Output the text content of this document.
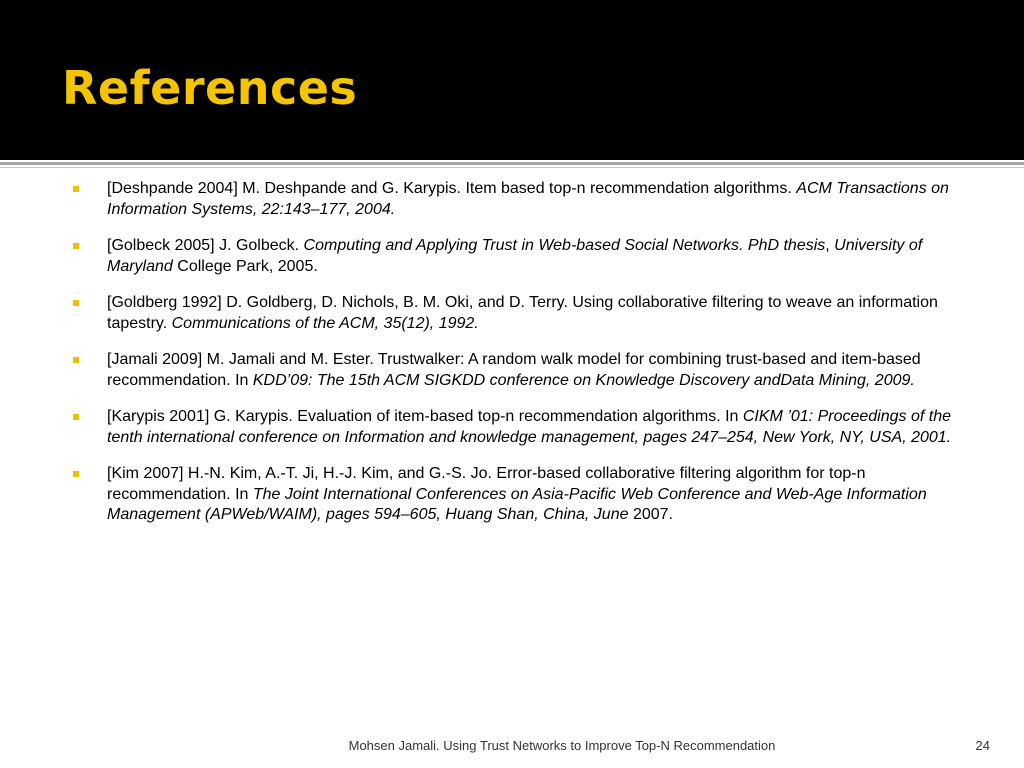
References
[Deshpande 2004] M. Deshpande and G. Karypis. Item based top-n recommendation algorithms. ACM Transactions on Information Systems, 22:143–177, 2004.
[Golbeck 2005] J. Golbeck. Computing and Applying Trust in Web-based Social Networks. PhD thesis, University of Maryland College Park, 2005.
[Goldberg 1992] D. Goldberg, D. Nichols, B. M. Oki, and D. Terry. Using collaborative filtering to weave an information tapestry. Communications of the ACM, 35(12), 1992.
[Jamali 2009] M. Jamali and M. Ester. Trustwalker: A random walk model for combining trust-based and item-based recommendation. In KDD’09: The 15th ACM SIGKDD conference on Knowledge Discovery andData Mining, 2009.
[Karypis 2001] G. Karypis. Evaluation of item-based top-n recommendation algorithms. In CIKM ’01: Proceedings of the tenth international conference on Information and knowledge management, pages 247–254, New York, NY, USA, 2001.
[Kim 2007] H.-N. Kim, A.-T. Ji, H.-J. Kim, and G.-S. Jo. Error-based collaborative filtering algorithm for top-n recommendation. In The Joint International Conferences on Asia-Pacific Web Conference and Web-Age Information Management (APWeb/WAIM), pages 594–605, Huang Shan, China, June 2007.
Mohsen Jamali. Using Trust Networks to Improve Top-N Recommendation	24
